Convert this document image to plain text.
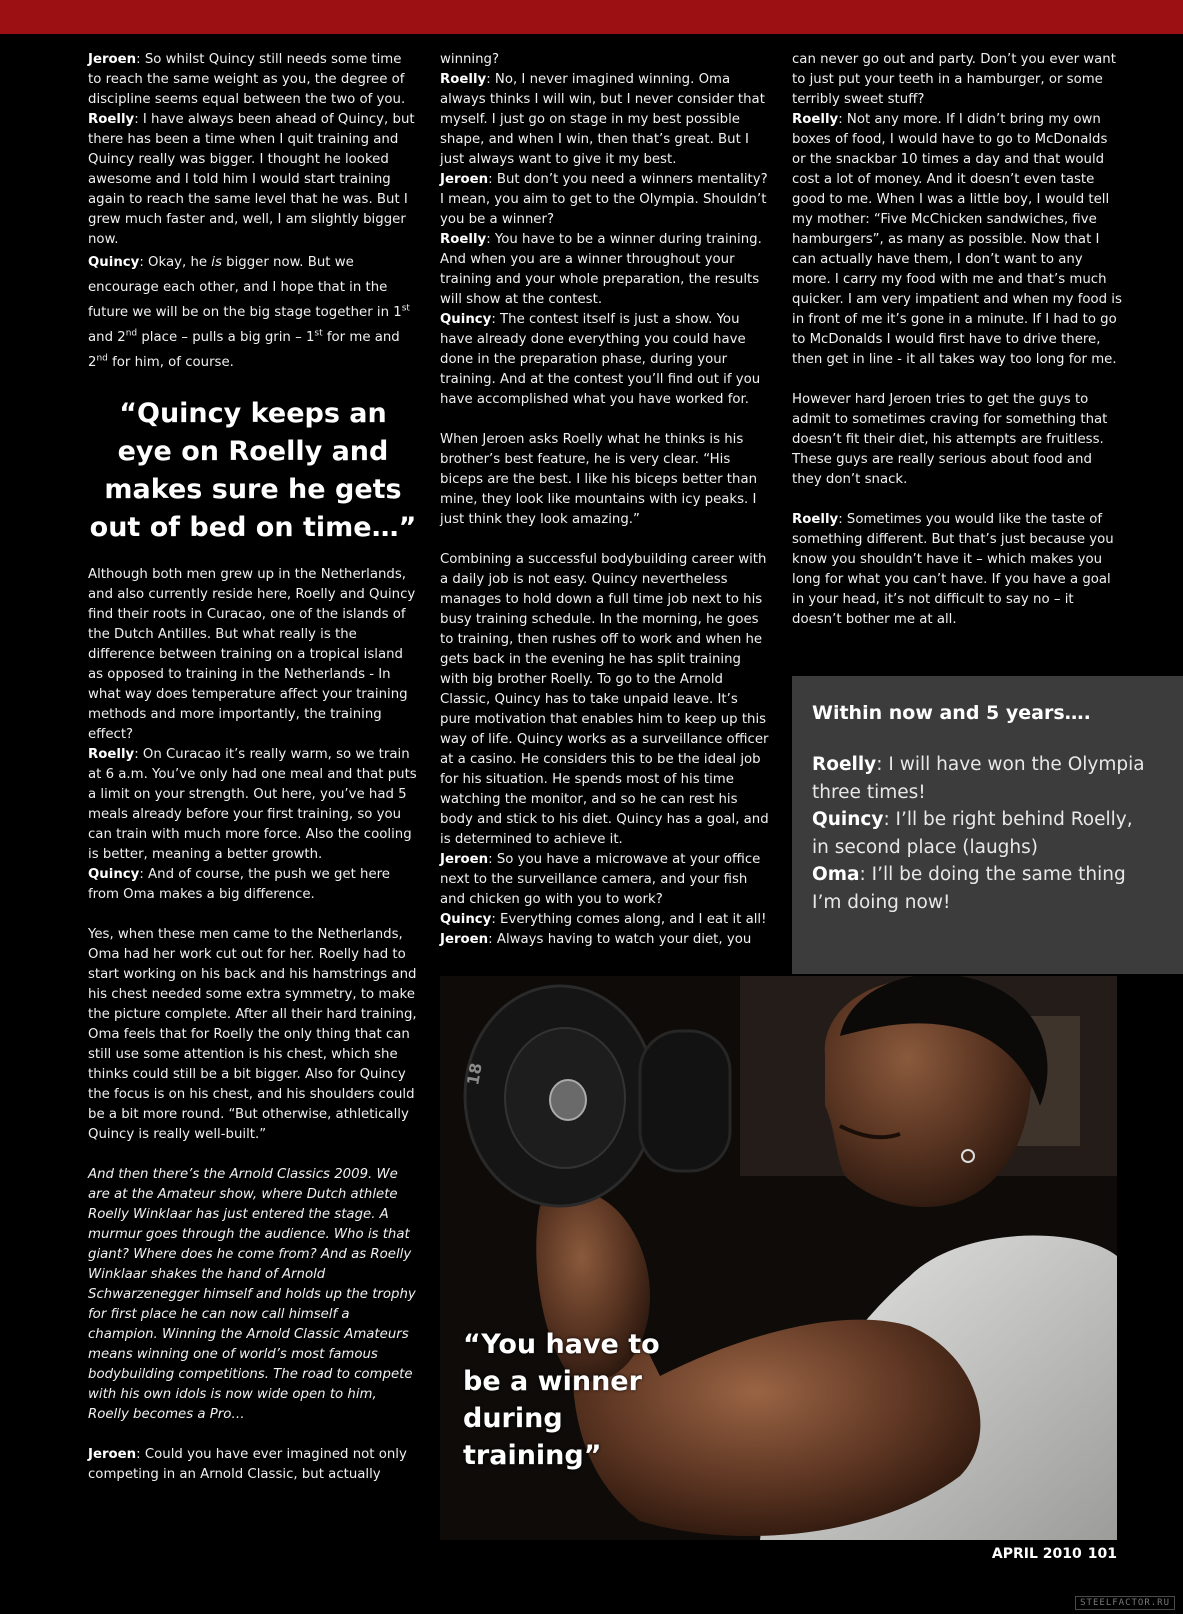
Jeroen: So whilst Quincy still needs some time to reach the same weight as you, the degree of discipline seems equal between the two of you.

Roelly: I have always been ahead of Quincy, but there has been a time when I quit training and Quincy really was bigger. I thought he looked awesome and I told him I would start training again to reach the same level that he was. But I grew much faster and, well, I am slightly bigger now.

Quincy: Okay, he is bigger now. But we encourage each other, and I hope that in the future we will be on the big stage together in 1st and 2nd place – pulls a big grin – 1st for me and 2nd for him, of course.

“Quincy keeps an eye on Roelly and makes sure he gets out of bed on time…”

Although both men grew up in the Netherlands, and also currently reside here, Roelly and Quincy find their roots in Curacao, one of the islands of the Dutch Antilles. But what really is the difference between training on a tropical island as opposed to training in the Netherlands - In what way does temperature affect your training methods and more importantly, the training effect?

Roelly: On Curacao it’s really warm, so we train at 6 a.m. You’ve only had one meal and that puts a limit on your strength. Out here, you’ve had 5 meals already before your first training, so you can train with much more force. Also the cooling is better, meaning a better growth.

Quincy: And of course, the push we get here from Oma makes a big difference.

Yes, when these men came to the Netherlands, Oma had her work cut out for her. Roelly had to start working on his back and his hamstrings and his chest needed some extra symmetry, to make the picture complete. After all their hard training, Oma feels that for Roelly the only thing that can still use some attention is his chest, which she thinks could still be a bit bigger. Also for Quincy the focus is on his chest, and his shoulders could be a bit more round. “But otherwise, athletically Quincy is really well-built.”

And then there’s the Arnold Classics 2009. We are at the Amateur show, where Dutch athlete Roelly Winklaar has just entered the stage. A murmur goes through the audience. Who is that giant? Where does he come from? And as Roelly Winklaar shakes the hand of Arnold Schwarzenegger himself and holds up the trophy for first place he can now call himself a champion. Winning the Arnold Classic Amateurs means winning one of world’s most famous bodybuilding competitions. The road to compete with his own idols is now wide open to him, Roelly becomes a Pro…

Jeroen: Could you have ever imagined not only competing in an Arnold Classic, but actually

winning?

Roelly: No, I never imagined winning. Oma always thinks I will win, but I never consider that myself. I just go on stage in my best possible shape, and when I win, then that’s great. But I just always want to give it my best.

Jeroen: But don’t you need a winners mentality? I mean, you aim to get to the Olympia. Shouldn’t you be a winner?

Roelly: You have to be a winner during training. And when you are a winner throughout your training and your whole preparation, the results will show at the contest.

Quincy: The contest itself is just a show. You have already done everything you could have done in the preparation phase, during your training. And at the contest you’ll find out if you have accomplished what you have worked for.

When Jeroen asks Roelly what he thinks is his brother’s best feature, he is very clear. “His biceps are the best. I like his biceps better than mine, they look like mountains with icy peaks. I just think they look amazing.”

Combining a successful bodybuilding career with a daily job is not easy. Quincy nevertheless manages to hold down a full time job next to his busy training schedule. In the morning, he goes to training, then rushes off to work and when he gets back in the evening he has split training with big brother Roelly. To go to the Arnold Classic, Quincy has to take unpaid leave. It’s pure motivation that enables him to keep up this way of life. Quincy works as a surveillance officer at a casino. He considers this to be the ideal job for his situation. He spends most of his time watching the monitor, and so he can rest his body and stick to his diet. Quincy has a goal, and is determined to achieve it.

Jeroen: So you have a microwave at your office next to the surveillance camera, and your fish and chicken go with you to work?

Quincy: Everything comes along, and I eat it all!

Jeroen: Always having to watch your diet, you

can never go out and party. Don’t you ever want to just put your teeth in a hamburger, or some terribly sweet stuff?

Roelly: Not any more. If I didn’t bring my own boxes of food, I would have to go to McDonalds or the snackbar 10 times a day and that would cost a lot of money. And it doesn’t even taste good to me. When I was a little boy, I would tell my mother: “Five McChicken sandwiches, five hamburgers”, as many as possible. Now that I can actually have them, I don’t want to any more. I carry my food with me and that’s much quicker. I am very impatient and when my food is in front of me it’s gone in a minute. If I had to go to McDonalds I would first have to drive there, then get in line - it all takes way too long for me.

However hard Jeroen tries to get the guys to admit to sometimes craving for something that doesn’t fit their diet, his attempts are fruitless. These guys are really serious about food and they don’t snack.

Roelly: Sometimes you would like the taste of something different. But that’s just because you know you shouldn’t have it – which makes you long for what you can’t have. If you have a goal in your head, it’s not difficult to say no – it doesn’t bother me at all.

Within now and 5 years….
Roelly: I will have won the Olympia three times!
Quincy: I’ll be right behind Roelly, in second place (laughs)
Oma: I’ll be doing the same thing I’m doing now!
18
“You have to be a winner during training”
APRIL 2010 101
STEELFACTOR.RU
